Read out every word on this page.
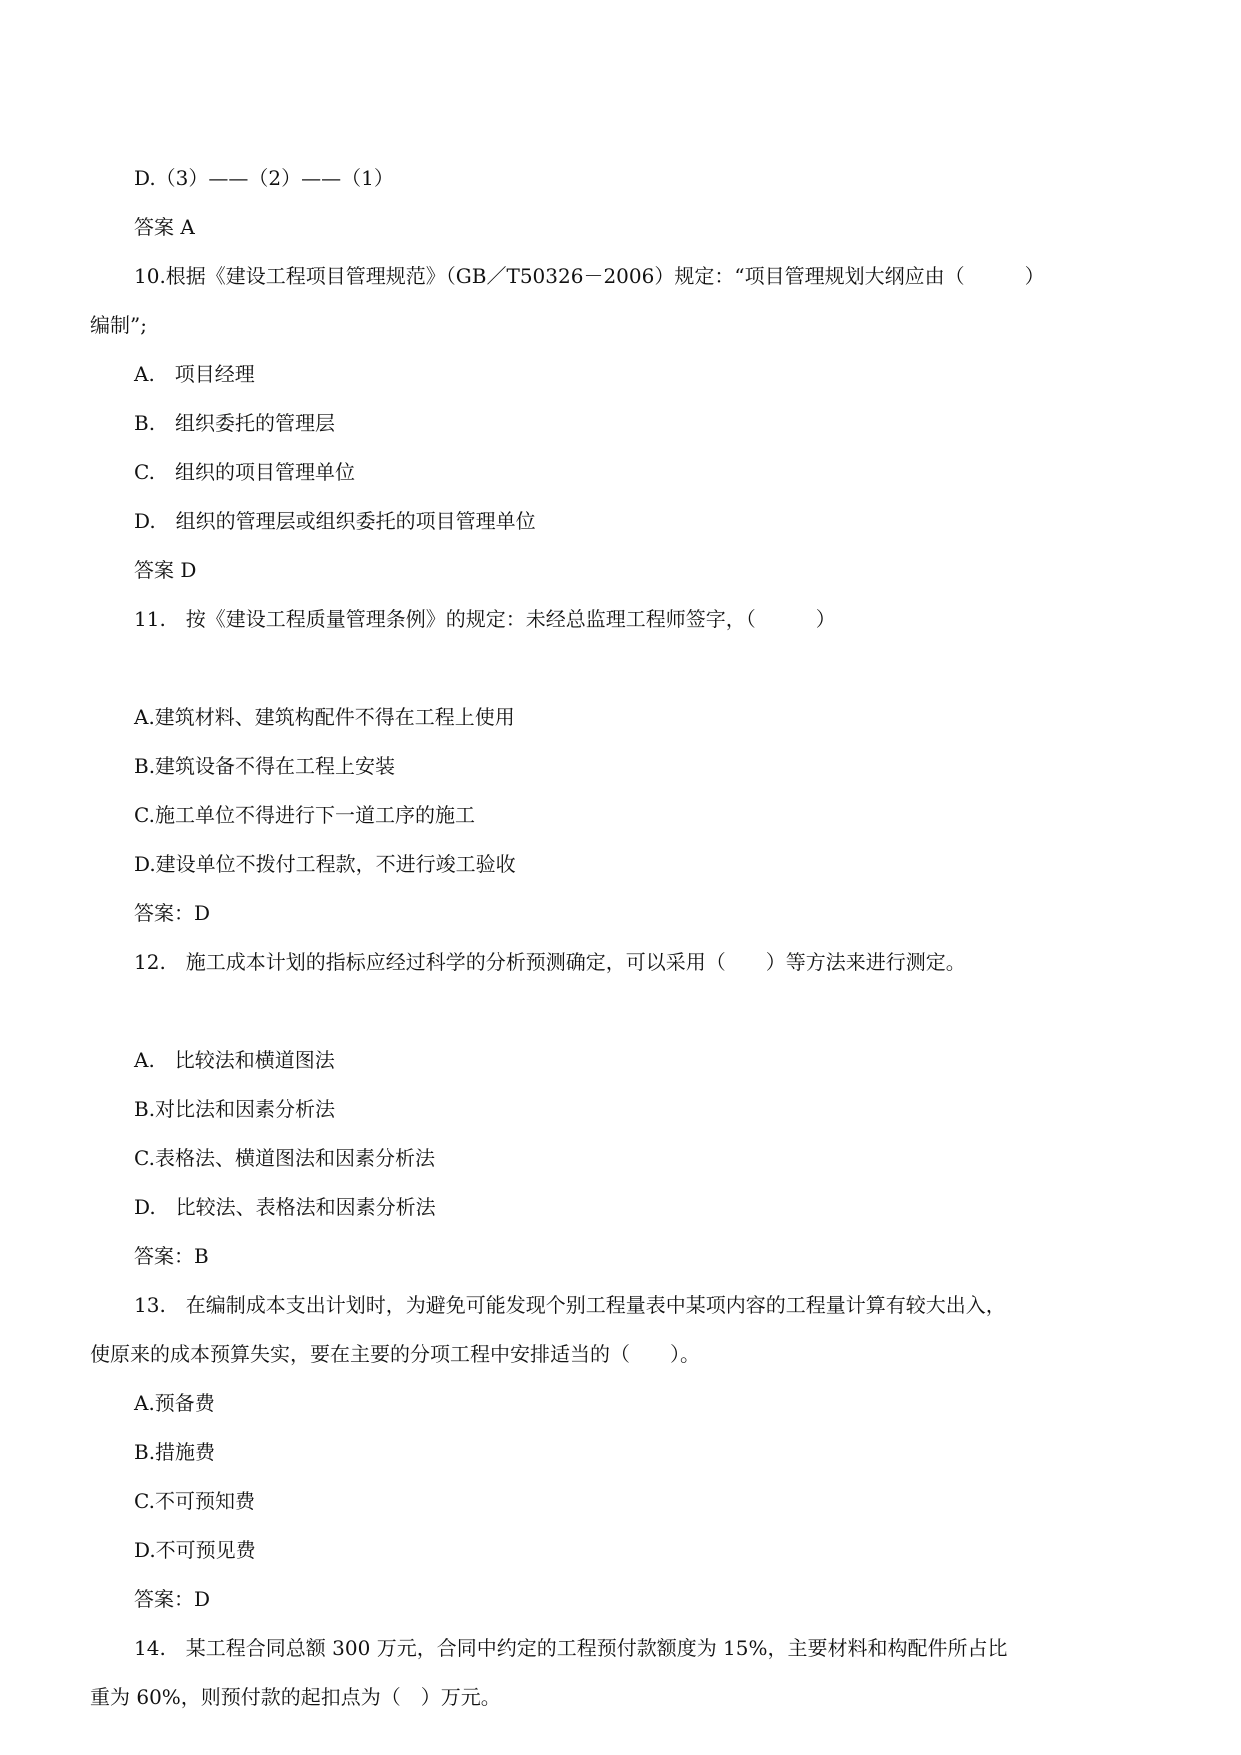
D.（3）——（2）——（1）
答案 A
10.根据《建设工程项目管理规范》（GB／T50326－2006）规定：“项目管理规划大纲应由（　　　）
编制”;
A.　项目经理
B.　组织委托的管理层
C.　组织的项目管理单位
D.　组织的管理层或组织委托的项目管理单位
答案 D
11.　按《建设工程质量管理条例》的规定：未经总监理工程师签字，（　　　）
A.建筑材料、建筑构配件不得在工程上使用
B.建筑设备不得在工程上安装
C.施工单位不得进行下一道工序的施工
D.建设单位不拨付工程款，不进行竣工验收
答案：D
12.　施工成本计划的指标应经过科学的分析预测确定，可以采用（　　）等方法来进行测定。
A.　比较法和横道图法
B.对比法和因素分析法
C.表格法、横道图法和因素分析法
D.　比较法、表格法和因素分析法
答案：B
13.　在编制成本支出计划时，为避免可能发现个别工程量表中某项内容的工程量计算有较大出入，
使原来的成本预算失实，要在主要的分项工程中安排适当的（　　）。
A.预备费
B.措施费
C.不可预知费
D.不可预见费
答案：D
14.　某工程合同总额 300 万元，合同中约定的工程预付款额度为 15%，主要材料和构配件所占比
重为 60%，则预付款的起扣点为（　）万元。
